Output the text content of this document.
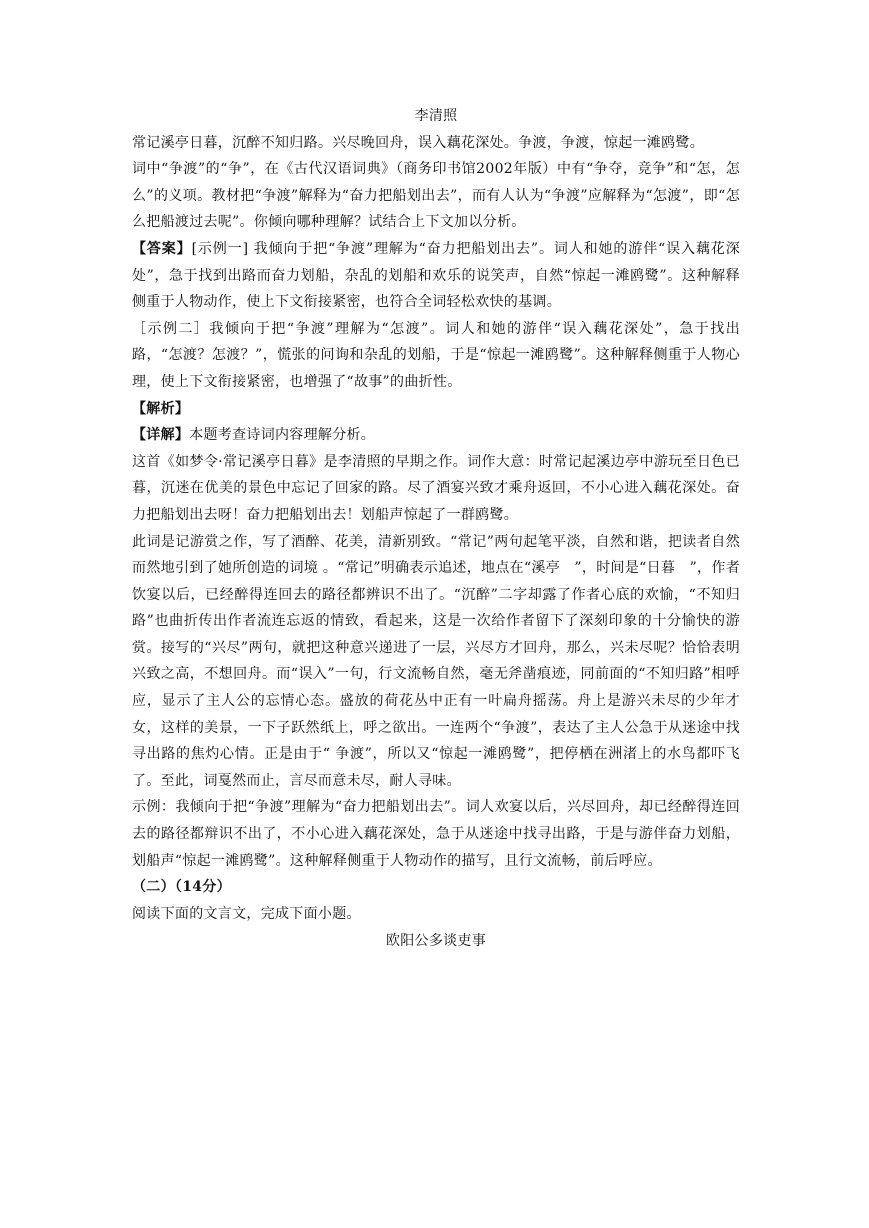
李清照

常记溪亭日暮，沉醉不知归路。兴尽晚回舟，误入藕花深处。争渡，争渡，惊起一滩鸥鹭。

词中“争渡”的“争”，在《古代汉语词典》（商务印书馆2002年版）中有“争夺，竞争”和“怎，怎么”的义项。教材把“争渡”解释为“奋力把船划出去”，而有人认为“争渡”应解释为“怎渡”，即“怎么把船渡过去呢”。你倾向哪种理解？试结合上下文加以分析。

【答案】[示例一] 我倾向于把“争渡”理解为“奋力把船划出去”。词人和她的游伴“误入藕花深处”，急于找到出路而奋力划船，杂乱的划船和欢乐的说笑声，自然“惊起一滩鸥鹭”。这种解释侧重于人物动作，使上下文衔接紧密，也符合全词轻松欢快的基调。

［示例二］我倾向于把“争渡”理解为“怎渡”。词人和她的游伴“误入藕花深处”，急于找出路，“怎渡？怎渡？”，慌张的问询和杂乱的划船，于是“惊起一滩鸥鹭”。这种解释侧重于人物心理，使上下文衔接紧密，也增强了“故事”的曲折性。

【解析】

【详解】本题考查诗词内容理解分析。

这首《如梦令·常记溪亭日暮》是李清照的早期之作。词作大意：时常记起溪边亭中游玩至日色已暮，沉迷在优美的景色中忘记了回家的路。尽了酒宴兴致才乘舟返回，不小心进入藕花深处。奋力把船划出去呀！奋力把船划出去！划船声惊起了一群鸥鹭。

此词是记游赏之作，写了酒醉、花美，清新别致。“常记”两句起笔平淡，自然和谐，把读者自然而然地引到了她所创造的词境 。“常记”明确表示追述，地点在“溪亭　”，时间是“日暮　”，作者饮宴以后，已经醉得连回去的路径都辨识不出了。“沉醉”二字却露了作者心底的欢愉，“不知归路”也曲折传出作者流连忘返的情致，看起来，这是一次给作者留下了深刻印象的十分愉快的游赏。接写的“兴尽”两句，就把这种意兴递进了一层，兴尽方才回舟，那么，兴未尽呢？恰恰表明兴致之高，不想回舟。而“误入”一句，行文流畅自然，毫无斧凿痕迹，同前面的“不知归路”相呼应，显示了主人公的忘情心态。盛放的荷花丛中正有一叶扁舟摇荡。舟上是游兴未尽的少年才女，这样的美景，一下子跃然纸上，呼之欲出。一连两个“争渡”，表达了主人公急于从迷途中找寻出路的焦灼心情。正是由于“ 争渡”，所以又“惊起一滩鸥鹭”，把停栖在洲渚上的水鸟都吓飞了。至此，词戛然而止，言尽而意未尽，耐人寻味。

示例：我倾向于把“争渡”理解为“奋力把船划出去”。词人欢宴以后，兴尽回舟，却已经醉得连回去的路径都辩识不出了，不小心进入藕花深处，急于从迷途中找寻出路，于是与游伴奋力划船，划船声“惊起一滩鸥鹭”。这种解释侧重于人物动作的描写，且行文流畅，前后呼应。

（二）（14分）

阅读下面的文言文，完成下面小题。

欧阳公多谈吏事
